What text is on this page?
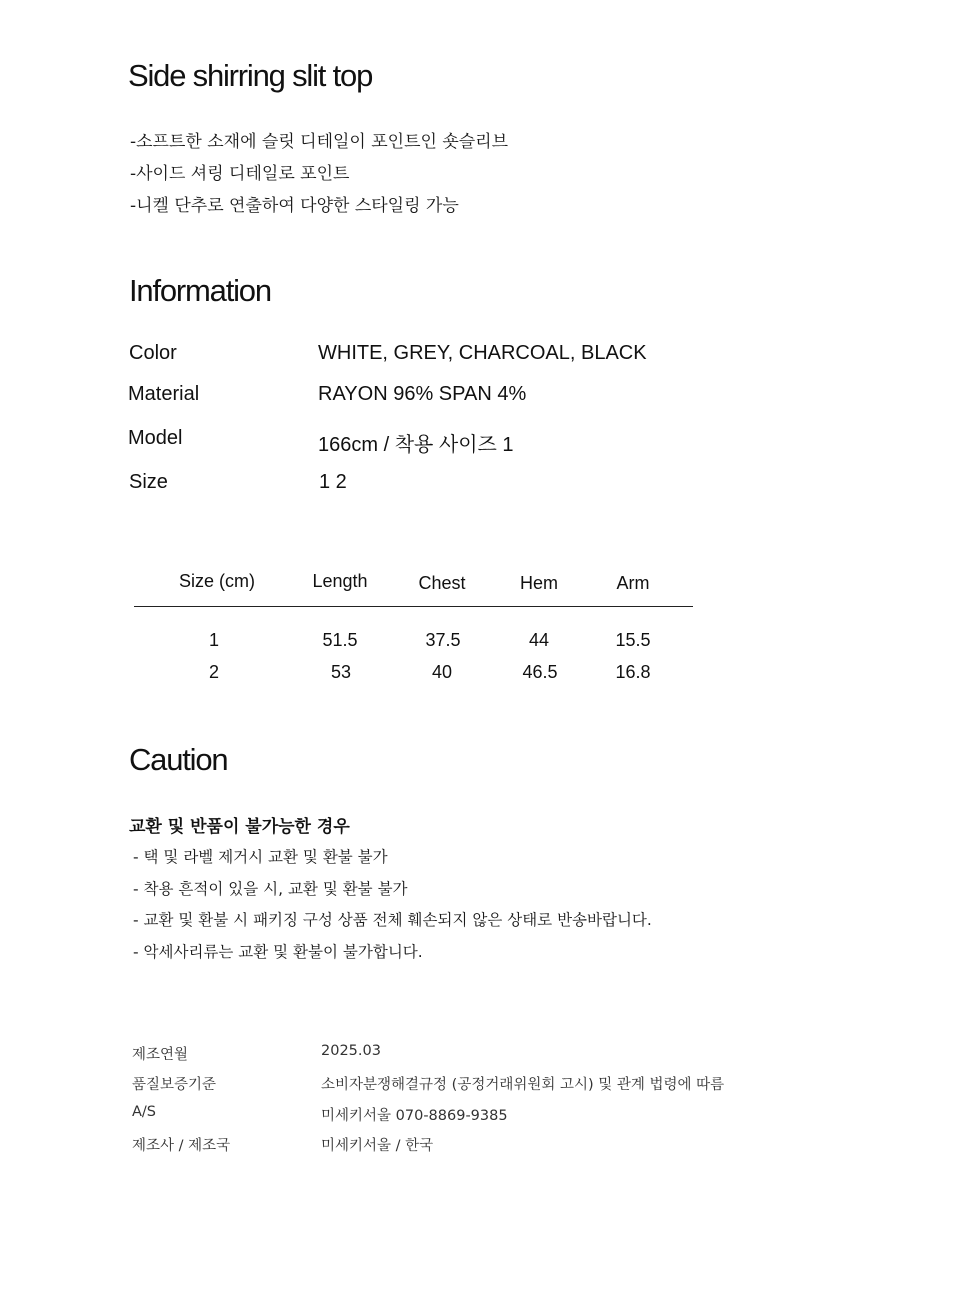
Side shirring slit top
-소프트한 소재에 슬릿 디테일이 포인트인 숏슬리브
-사이드 셔링 디테일로 포인트
-니켈 단추로 연출하여 다양한 스타일링 가능
Information
Color	WHITE, GREY, CHARCOAL, BLACK
Material	RAYON 96% SPAN 4%
Model	166cm / 착용 사이즈 1
Size	1 2
Size (cm)	Length	Chest	Hem	Arm
1	51.5	37.5	44	15.5
2	53	40	46.5	16.8
Caution
교환 및 반품이 불가능한 경우
- 택 및 라벨 제거시 교환 및 환불 불가
- 착용 흔적이 있을 시, 교환 및 환불 불가
- 교환 및 환불 시 패키징 구성 상품 전체 훼손되지 않은 상태로 반송바랍니다.
- 악세사리류는 교환 및 환불이 불가합니다.
제조연월	2025.03
품질보증기준	소비자분쟁해결규정 (공정거래위원회 고시) 및 관계 법령에 따름
A/S	미세키서울 070-8869-9385
제조사 / 제조국	미세키서울 / 한국
